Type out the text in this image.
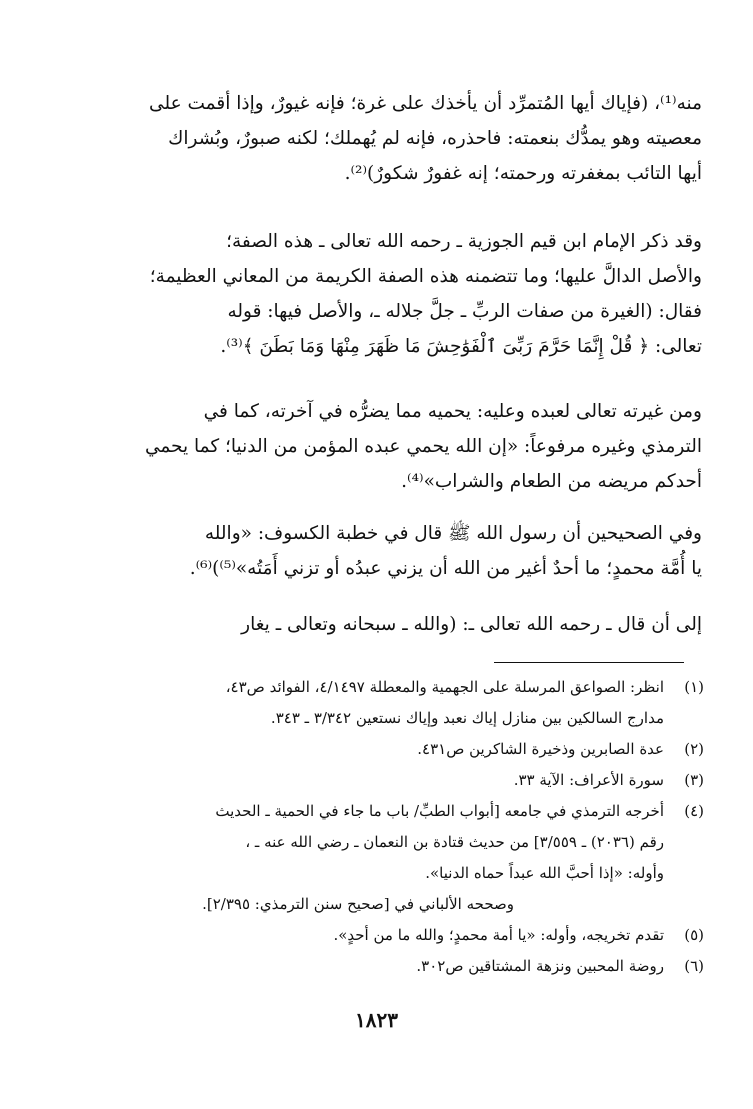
منه⁽¹⁾، (فإياك أيها المُتمرِّد أن يأخذك على غرة؛ فإنه غيورٌ، وإذا أقمت على

معصيته وهو يمدُّك بنعمته: فاحذره، فإنه لم يُهملك؛ لكنه صبورٌ، وبُشراك

أيها التائب بمغفرته ورحمته؛ إنه غفورٌ شكورٌ)⁽²⁾.

وقد ذكر الإمام ابن قيم الجوزية ـ رحمه الله تعالى ـ هذه الصفة؛

والأصل الدالَّ عليها؛ وما تتضمنه هذه الصفة الكريمة من المعاني العظيمة؛

فقال: (الغيرة من صفات الربِّ ـ جلَّ جلاله ـ، والأصل فيها: قوله

تعالى: ﴿ قُلْ إِنَّمَا حَرَّمَ رَبِّىَ ٱلْفَوَٰحِشَ مَا ظَهَرَ مِنْهَا وَمَا بَطَنَ ﴾⁽³⁾.

ومن غيرته تعالى لعبده وعليه: يحميه مما يضرُّه في آخرته، كما في

الترمذي وغيره مرفوعاً: «إن الله يحمي عبده المؤمن من الدنيا؛ كما يحمي

أحدكم مريضه من الطعام والشراب»⁽⁴⁾.

وفي الصحيحين أن رسول الله ﷺ قال في خطبة الكسوف: «والله

يا أُمَّة محمدٍ؛ ما أحدٌ أغير من الله أن يزني عبدُه أو تزني أَمَتُه»⁽⁵⁾)⁽⁶⁾.

إلى أن قال ـ رحمه الله تعالى ـ: (والله ـ سبحانه وتعالى ـ يغار

(١)
انظر: الصواعق المرسلة على الجهمية والمعطلة ٤/١٤٩٧، الفوائد ص٤٣،
مدارج السالكين بين منازل إياك نعبد وإياك نستعين ٣/٣٤٢ ـ ٣٤٣.
(٢)
عدة الصابرين وذخيرة الشاكرين ص٤٣١.
(٣)
سورة الأعراف: الآية ٣٣.
(٤)
أخرجه الترمذي في جامعه [أبواب الطبِّ/ باب ما جاء في الحمية ـ الحديث
رقم (٢٠٣٦) ـ ٣/٥٥٩] من حديث قتادة بن النعمان ـ رضي الله عنه ـ ،
وأوله: «إذا أحبَّ الله عبداً حماه الدنيا».
وصححه الألباني في [صحيح سنن الترمذي: ٢/٣٩٥].
(٥)
تقدم تخريجه، وأوله: «يا أمة محمدٍ؛ والله ما من أحدٍ».
(٦)
روضة المحبين ونزهة المشتاقين ص٣٠٢.
١٨٢٣
